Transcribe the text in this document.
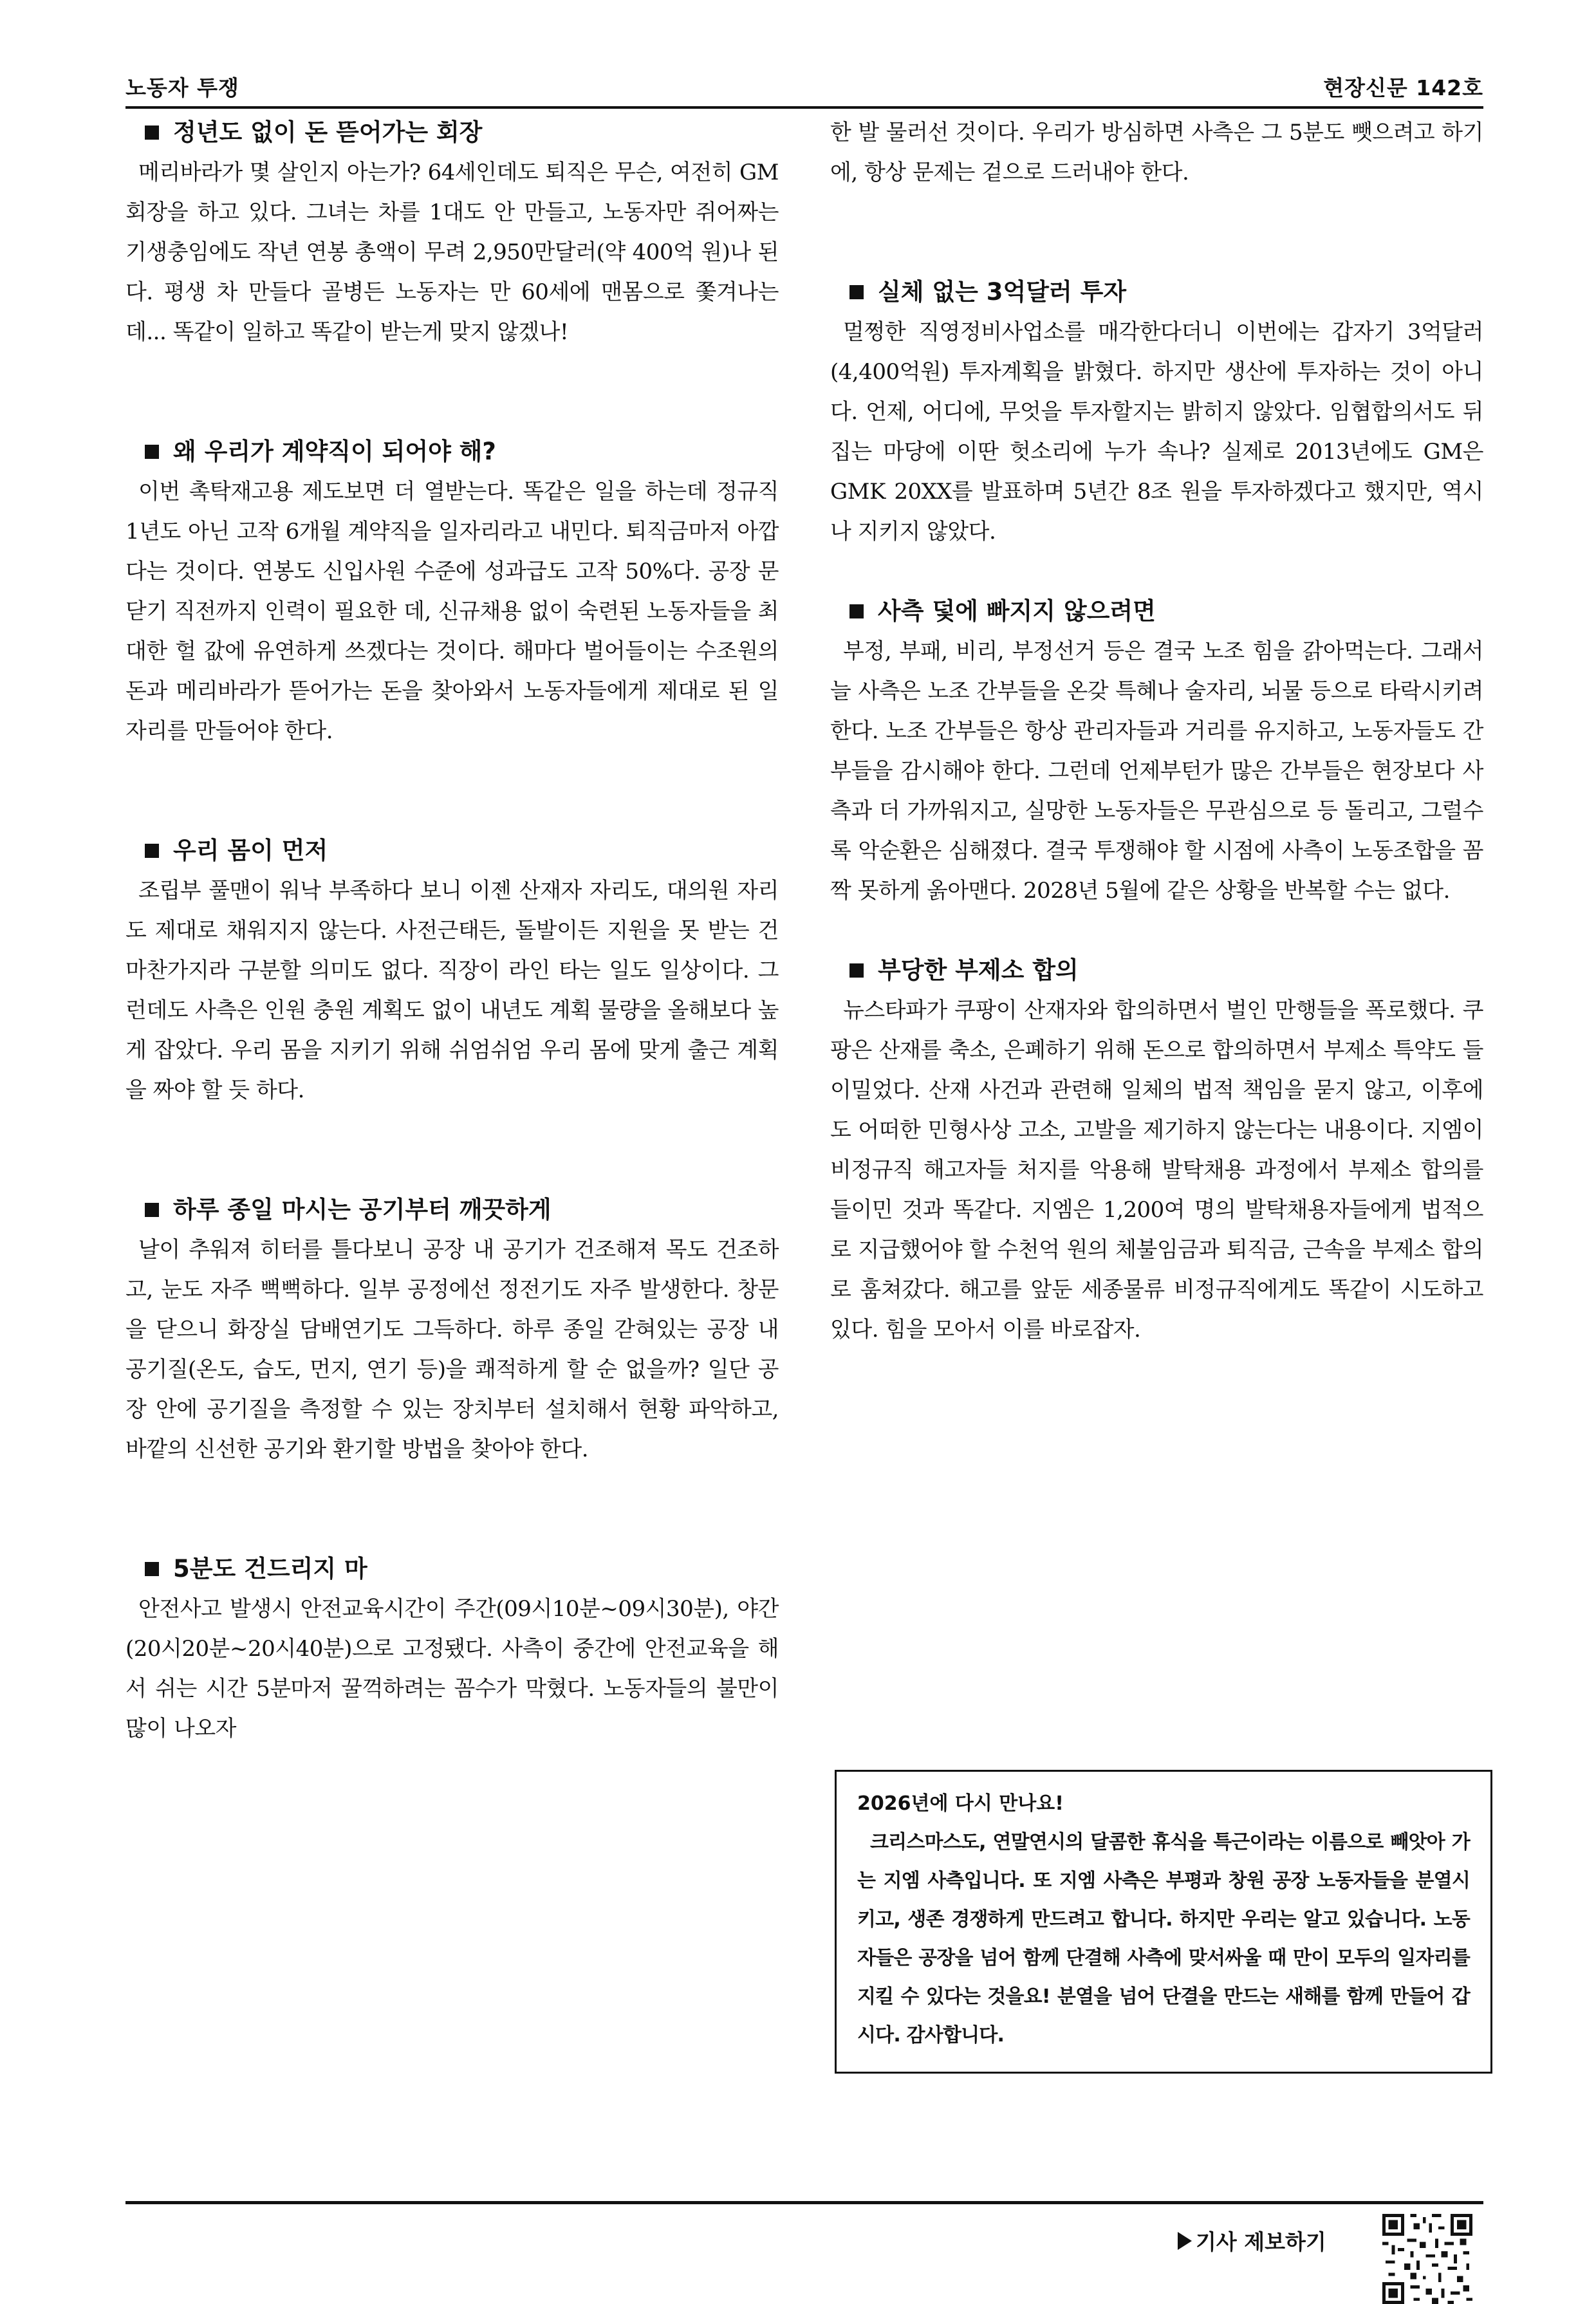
노동자 투쟁	현장신문 142호
정년도 없이 돈 뜯어가는 회장

메리바라가 몇 살인지 아는가? 64세인데도 퇴직은 무슨, 여전히 GM회장을 하고 있다. 그녀는 차를 1대도 안 만들고, 노동자만 쥐어짜는 기생충임에도 작년 연봉 총액이 무려 2,950만달러(약 400억 원)나 된다. 평생 차 만들다 골병든 노동자는 만 60세에 맨몸으로 쫓겨나는데... 똑같이 일하고 똑같이 받는게 맞지 않겠나!

왜 우리가 계약직이 되어야 해?

이번 촉탁재고용 제도보면 더 열받는다. 똑같은 일을 하는데 정규직 1년도 아닌 고작 6개월 계약직을 일자리라고 내민다. 퇴직금마저 아깝다는 것이다. 연봉도 신입사원 수준에 성과급도 고작 50%다. 공장 문 닫기 직전까지 인력이 필요한 데, 신규채용 없이 숙련된 노동자들을 최대한 헐 값에 유연하게 쓰겠다는 것이다. 해마다 벌어들이는 수조원의 돈과 메리바라가 뜯어가는 돈을 찾아와서 노동자들에게 제대로 된 일자리를 만들어야 한다.

우리 몸이 먼저

조립부 풀맨이 워낙 부족하다 보니 이젠 산재자 자리도, 대의원 자리도 제대로 채워지지 않는다. 사전근태든, 돌발이든 지원을 못 받는 건 마찬가지라 구분할 의미도 없다. 직장이 라인 타는 일도 일상이다. 그런데도 사측은 인원 충원 계획도 없이 내년도 계획 물량을 올해보다 높게 잡았다. 우리 몸을 지키기 위해 쉬엄쉬엄 우리 몸에 맞게 출근 계획을 짜야 할 듯 하다.

하루 종일 마시는 공기부터 깨끗하게

날이 추워져 히터를 틀다보니 공장 내 공기가 건조해져 목도 건조하고, 눈도 자주 뻑뻑하다. 일부 공정에선 정전기도 자주 발생한다. 창문을 닫으니 화장실 담배연기도 그득하다. 하루 종일 갇혀있는 공장 내 공기질(온도, 습도, 먼지, 연기 등)을 쾌적하게 할 순 없을까? 일단 공장 안에 공기질을 측정할 수 있는 장치부터 설치해서 현황 파악하고, 바깥의 신선한 공기와 환기할 방법을 찾아야 한다.

5분도 건드리지 마

안전사고 발생시 안전교육시간이 주간(09시10분~09시30분), 야간(20시20분~20시40분)으로 고정됐다. 사측이 중간에 안전교육을 해서 쉬는 시간 5분마저 꿀꺽하려는 꼼수가 막혔다. 노동자들의 불만이 많이 나오자

한 발 물러선 것이다. 우리가 방심하면 사측은 그 5분도 뺏으려고 하기에, 항상 문제는 겉으로 드러내야 한다.

실체 없는 3억달러 투자

멀쩡한 직영정비사업소를 매각한다더니 이번에는 갑자기 3억달러(4,400억원) 투자계획을 밝혔다. 하지만 생산에 투자하는 것이 아니다. 언제, 어디에, 무엇을 투자할지는 밝히지 않았다. 임협합의서도 뒤집는 마당에 이딴 헛소리에 누가 속나? 실제로 2013년에도 GM은 GMK 20XX를 발표하며 5년간 8조 원을 투자하겠다고 했지만, 역시나 지키지 않았다.

사측 덫에 빠지지 않으려면

부정, 부패, 비리, 부정선거 등은 결국 노조 힘을 갉아먹는다. 그래서 늘 사측은 노조 간부들을 온갖 특혜나 술자리, 뇌물 등으로 타락시키려 한다. 노조 간부들은 항상 관리자들과 거리를 유지하고, 노동자들도 간부들을 감시해야 한다. 그런데 언제부턴가 많은 간부들은 현장보다 사측과 더 가까워지고, 실망한 노동자들은 무관심으로 등 돌리고, 그럴수록 악순환은 심해졌다. 결국 투쟁해야 할 시점에 사측이 노동조합을 꼼짝 못하게 옭아맨다. 2028년 5월에 같은 상황을 반복할 수는 없다.

부당한 부제소 합의

뉴스타파가 쿠팡이 산재자와 합의하면서 벌인 만행들을 폭로했다. 쿠팡은 산재를 축소, 은폐하기 위해 돈으로 합의하면서 부제소 특약도 들이밀었다. 산재 사건과 관련해 일체의 법적 책임을 묻지 않고, 이후에도 어떠한 민형사상 고소, 고발을 제기하지 않는다는 내용이다. 지엠이 비정규직 해고자들 처지를 악용해 발탁채용 과정에서 부제소 합의를 들이민 것과 똑같다. 지엠은 1,200여 명의 발탁채용자들에게 법적으로 지급했어야 할 수천억 원의 체불임금과 퇴직금, 근속을 부제소 합의로 훔쳐갔다. 해고를 앞둔 세종물류 비정규직에게도 똑같이 시도하고 있다. 힘을 모아서 이를 바로잡자.

2026년에 다시 만나요!

크리스마스도, 연말연시의 달콤한 휴식을 특근이라는 이름으로 빼앗아 가는 지엠 사측입니다. 또 지엠 사측은 부평과 창원 공장 노동자들을 분열시키고, 생존 경쟁하게 만드려고 합니다. 하지만 우리는 알고 있습니다. 노동자들은 공장을 넘어 함께 단결해 사측에 맞서싸울 때 만이 모두의 일자리를 지킬 수 있다는 것을요! 분열을 넘어 단결을 만드는 새해를 함께 만들어 갑시다. 감사합니다.

기사 제보하기
